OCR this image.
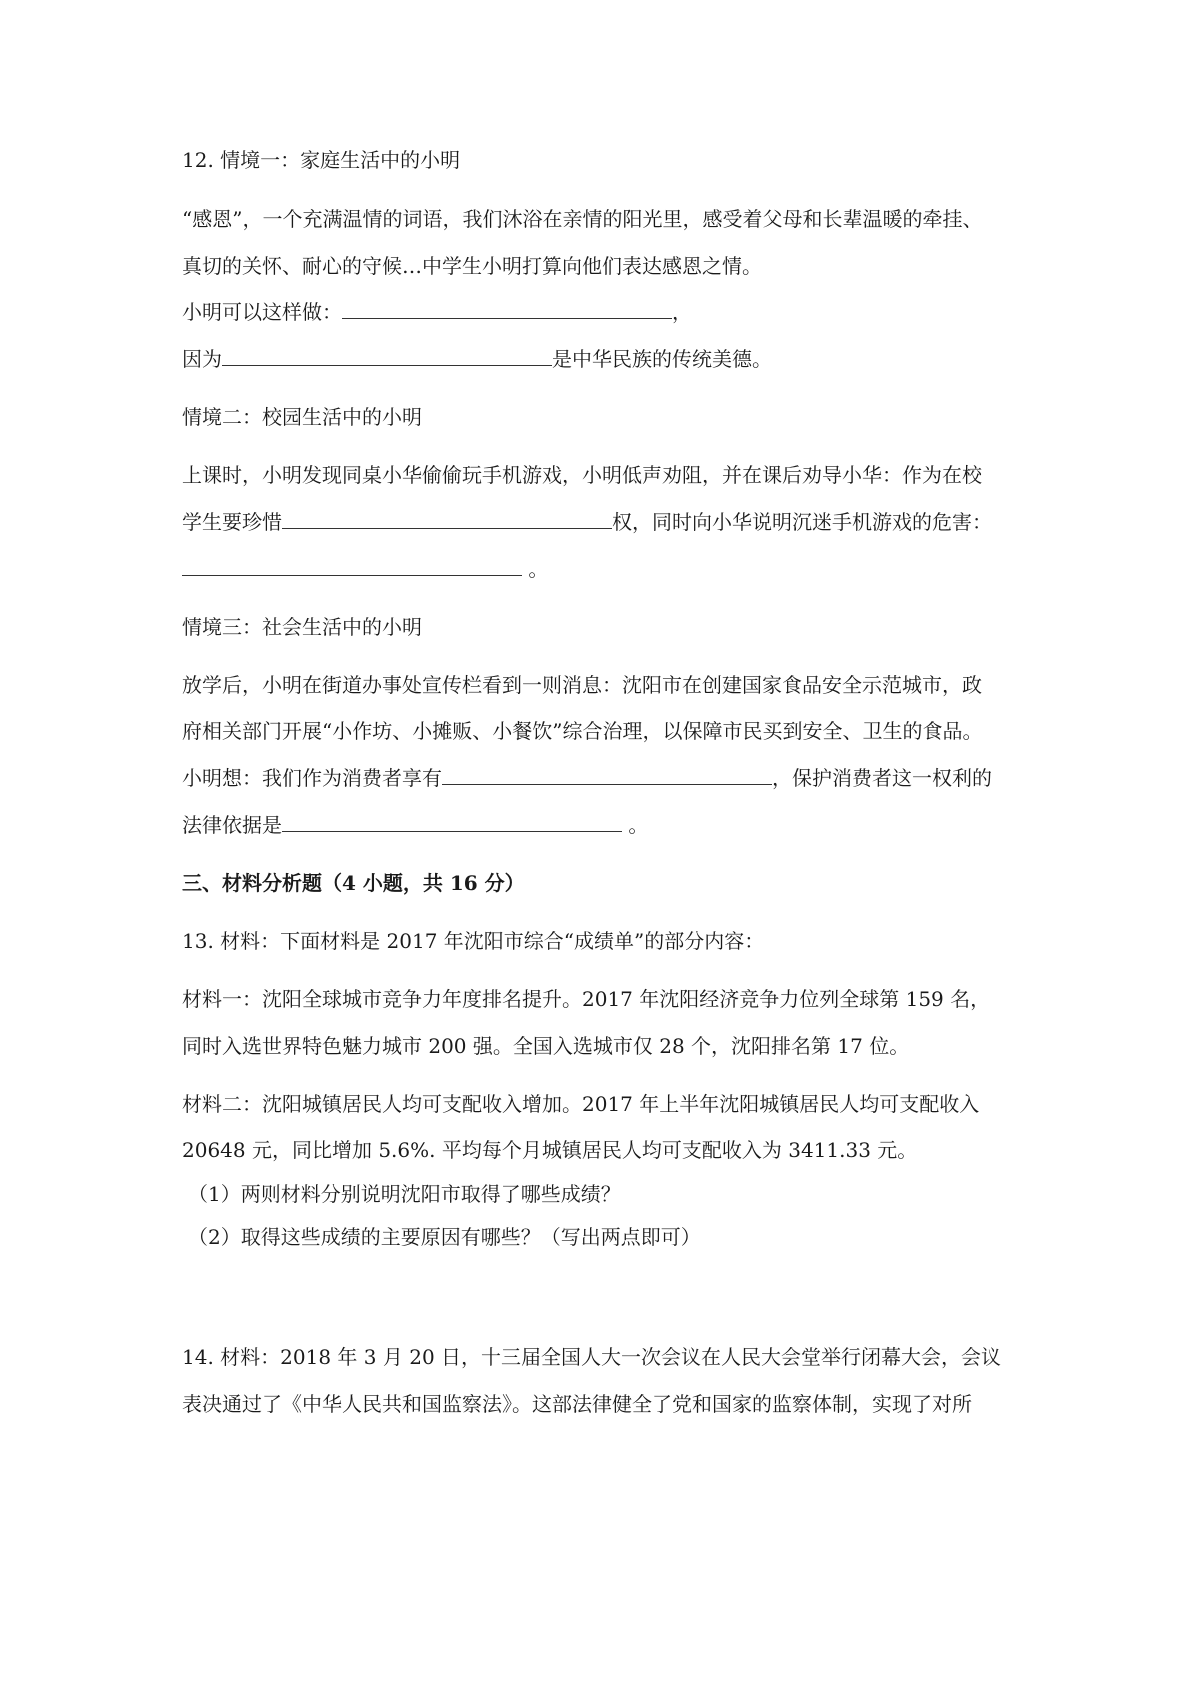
12. 情境一：家庭生活中的小明
“感恩”，一个充满温情的词语，我们沐浴在亲情的阳光里，感受着父母和长辈温暖的牵挂、
真切的关怀、耐心的守候…中学生小明打算向他们表达感恩之情。
小明可以这样做：	，
因为	是中华民族的传统美德。
情境二：校园生活中的小明
上课时，小明发现同桌小华偷偷玩手机游戏，小明低声劝阻，并在课后劝导小华：作为在校
学生要珍惜	权，同时向小华说明沉迷手机游戏的危害：
。
情境三：社会生活中的小明
放学后，小明在街道办事处宣传栏看到一则消息：沈阳市在创建国家食品安全示范城市，政
府相关部门开展“小作坊、小摊贩、小餐饮”综合治理，以保障市民买到安全、卫生的食品。
小明想：我们作为消费者享有	，保护消费者这一权利的
法律依据是	。
三、材料分析题（4 小题，共 16 分）
13. 材料：下面材料是 2017 年沈阳市综合“成绩单”的部分内容：
材料一：沈阳全球城市竞争力年度排名提升。2017 年沈阳经济竞争力位列全球第 159 名，
同时入选世界特色魅力城市 200 强。全国入选城市仅 28 个，沈阳排名第 17 位。
材料二：沈阳城镇居民人均可支配收入增加。2017 年上半年沈阳城镇居民人均可支配收入
20648 元，同比增加 5.6%. 平均每个月城镇居民人均可支配收入为 3411.33 元。
（1）两则材料分别说明沈阳市取得了哪些成绩？
（2）取得这些成绩的主要原因有哪些？（写出两点即可）
14. 材料：2018 年 3 月 20 日，十三届全国人大一次会议在人民大会堂举行闭幕大会，会议
表决通过了《中华人民共和国监察法》。这部法律健全了党和国家的监察体制，实现了对所
